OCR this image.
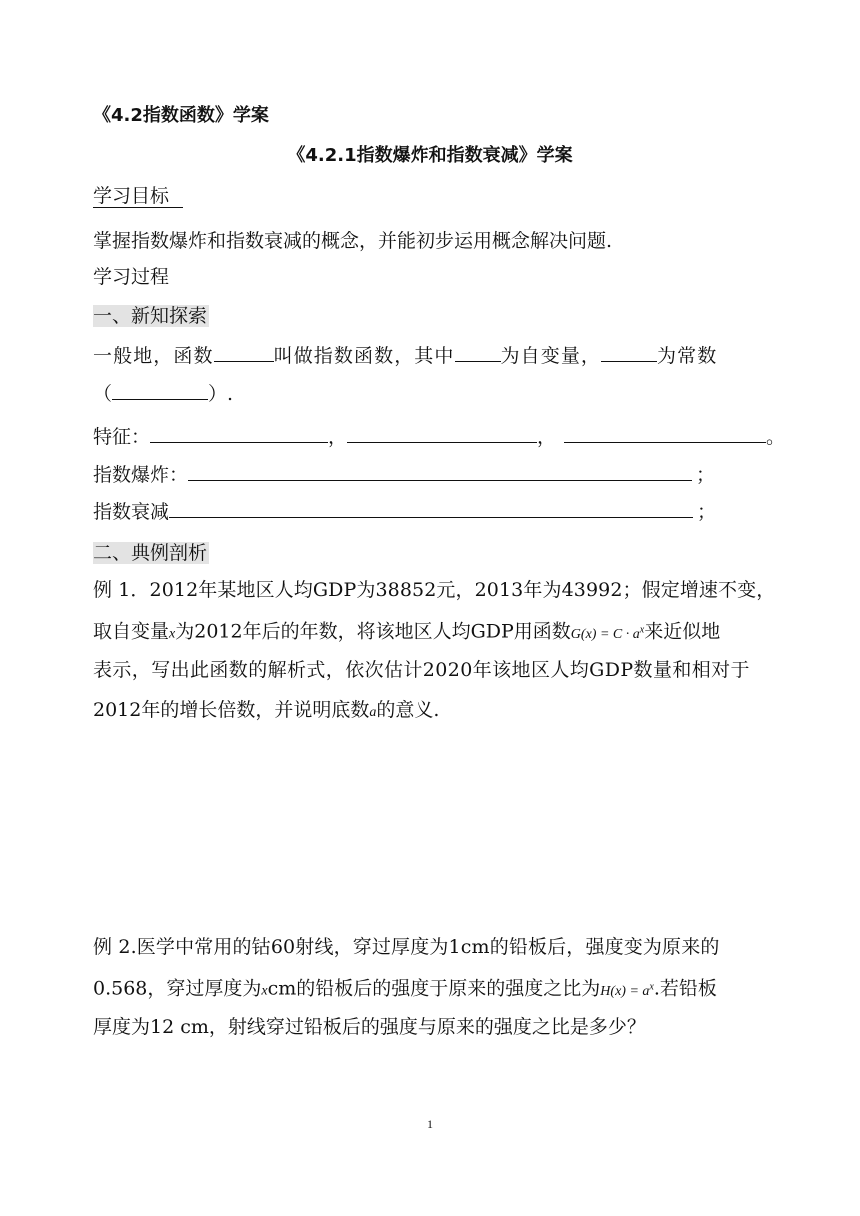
《4.2指数函数》学案
《4.2.1指数爆炸和指数衰减》学案
学习目标
掌握指数爆炸和指数衰减的概念，并能初步运用概念解决问题.
学习过程
一、新知探索
一般地，函数	叫做指数函数，其中 为自变量，	为常数
（	）.
特征：	，	，	。
指数爆炸：	；
指数衰减	；
二、典例剖析
例 1．2012年某地区人均GDP为38852元，2013年为43992；假定增速不变，
取自变量x为2012年后的年数，将该地区人均GDP用函数$G(x) = C \cdot a^x$来近似地
表示，写出此函数的解析式，依次估计2020年该地区人均GDP数量和相对于
2012年的增长倍数，并说明底数a的意义.
例 2.医学中常用的钴60射线，穿过厚度为1cm的铅板后，强度变为原来的
0.568，穿过厚度为xcm的铅板后的强度于原来的强度之比为$H(x) = a^x$.若铅板
厚度为12 cm，射线穿过铅板后的强度与原来的强度之比是多少？
1
